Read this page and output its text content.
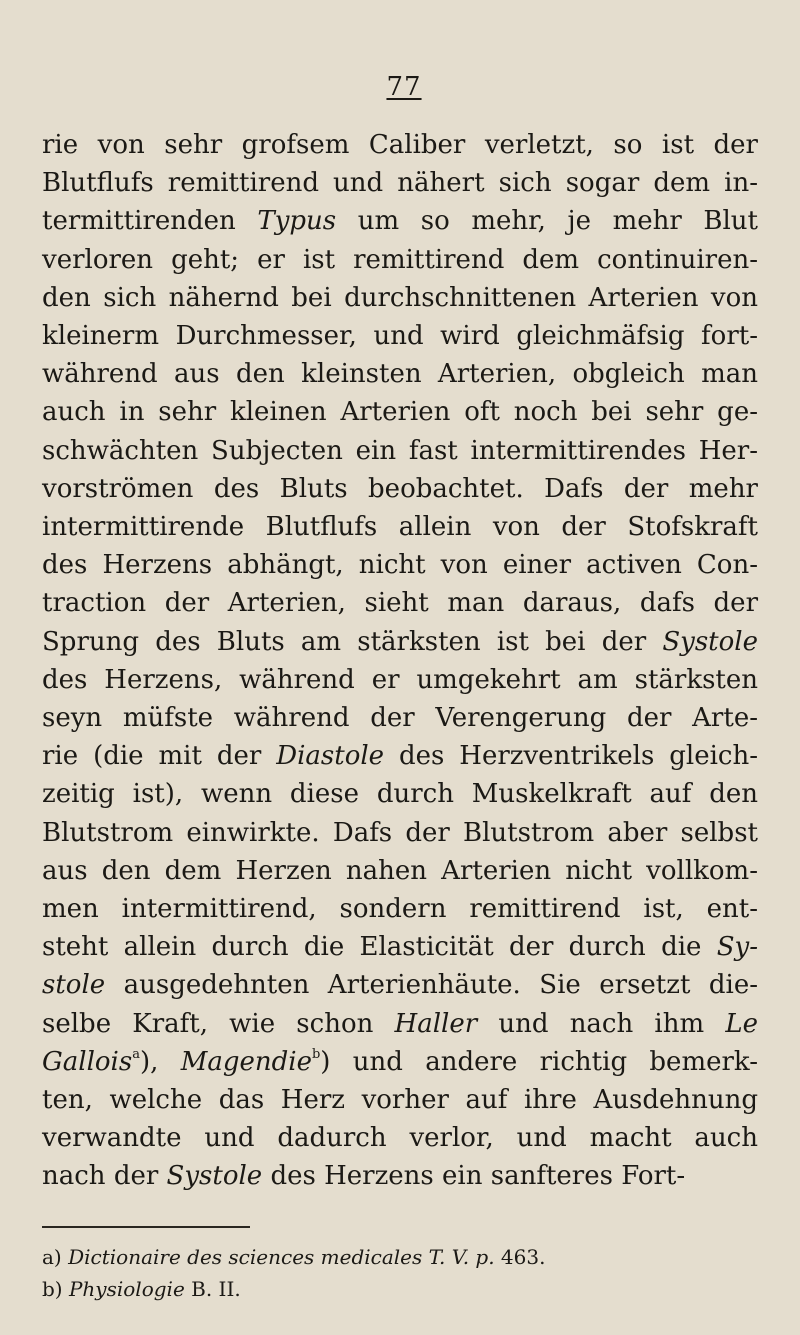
77
rie von sehr grofsem Caliber verletzt, so ist der
Blutflufs remittirend und nähert sich sogar dem in-
termittirenden Typus um so mehr, je mehr Blut
verloren geht; er ist remittirend dem continuiren-
den sich nähernd bei durchschnittenen Arterien von
kleinerm Durchmesser, und wird gleichmäfsig fort-
während aus den kleinsten Arterien, obgleich man
auch in sehr kleinen Arterien oft noch bei sehr ge-
schwächten Subjecten ein fast intermittirendes Her-
vorströmen des Bluts beobachtet. Dafs der mehr
intermittirende Blutflufs allein von der Stofskraft
des Herzens abhängt, nicht von einer activen Con-
traction der Arterien, sieht man daraus, dafs der
Sprung des Bluts am stärksten ist bei der Systole
des Herzens, während er umgekehrt am stärksten
seyn müfste während der Verengerung der Arte-
rie (die mit der Diastole des Herzventrikels gleich-
zeitig ist), wenn diese durch Muskelkraft auf den
Blutstrom einwirkte. Dafs der Blutstrom aber selbst
aus den dem Herzen nahen Arterien nicht vollkom-
men intermittirend, sondern remittirend ist, ent-
steht allein durch die Elasticität der durch die Sy-
stole ausgedehnten Arterienhäute. Sie ersetzt die-
selbe Kraft, wie schon Haller und nach ihm Le
Gallois$^a$), Magendie$^b$) und andere richtig bemerk-
ten, welche das Herz vorher auf ihre Ausdehnung
verwandte und dadurch verlor, und macht auch
nach der Systole des Herzens ein sanfteres Fort-
a) Dictionaire des sciences medicales T. V. p. 463.
b) Physiologie B. II.
